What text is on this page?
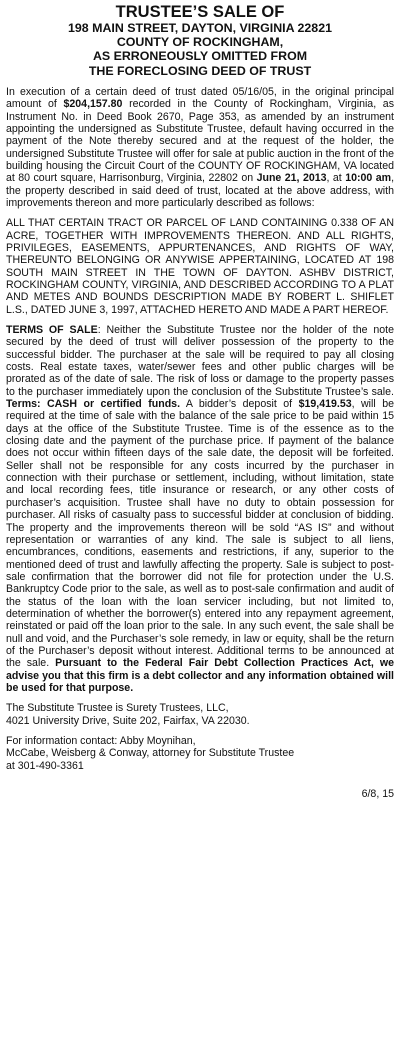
TRUSTEE’S SALE OF
198 MAIN STREET, DAYTON, VIRGINIA 22821
COUNTY OF ROCKINGHAM,
AS ERRONEOUSLY OMITTED FROM
THE FORECLOSING DEED OF TRUST

In execution of a certain deed of trust dated 05/16/05, in the original principal amount of $204,157.80 recorded in the County of Rockingham, Virginia, as Instrument No. in Deed Book 2670, Page 353, as amended by an instrument appointing the undersigned as Substitute Trustee, default having occurred in the payment of the Note thereby secured and at the request of the holder, the undersigned Substitute Trustee will offer for sale at public auction in the front of the building housing the Circuit Court of the COUNTY OF ROCKINGHAM, VA located at 80 court square, Harrisonburg, Virginia, 22802 on June 21, 2013, at 10:00 am, the property described in said deed of trust, located at the above address, with improvements thereon and more particularly described as follows:

ALL THAT CERTAIN TRACT OR PARCEL OF LAND CONTAINING 0.338 OF AN ACRE, TOGETHER WITH IMPROVEMENTS THEREON. AND ALL RIGHTS, PRIVILEGES, EASEMENTS, APPURTENANCES, AND RIGHTS OF WAY, THEREUNTO BELONGING OR ANYWISE APPERTAINING, LOCATED AT 198 SOUTH MAIN STREET IN THE TOWN OF DAYTON. ASHBV DISTRICT, ROCKINGHAM COUNTY, VIRGINIA, AND DESCRIBED ACCORDING TO A PLAT AND METES AND BOUNDS DESCRIPTION MADE BY ROBERT L. SHIFLET L.S., DATED JUNE 3, 1997, ATTACHED HERETO AND MADE A PART HEREOF.

TERMS OF SALE: Neither the Substitute Trustee nor the holder of the note secured by the deed of trust will deliver possession of the property to the successful bidder. The purchaser at the sale will be required to pay all closing costs. Real estate taxes, water/sewer fees and other public charges will be prorated as of the date of sale. The risk of loss or damage to the property passes to the purchaser immediately upon the conclusion of the Substitute Trustee’s sale. Terms: CASH or certified funds. A bidder’s deposit of $19,419.53, will be required at the time of sale with the balance of the sale price to be paid within 15 days at the office of the Substitute Trustee. Time is of the essence as to the closing date and the payment of the purchase price. If payment of the balance does not occur within fifteen days of the sale date, the deposit will be forfeited. Seller shall not be responsible for any costs incurred by the purchaser in connection with their purchase or settlement, including, without limitation, state and local recording fees, title insurance or research, or any other costs of purchaser’s acquisition. Trustee shall have no duty to obtain possession for purchaser. All risks of casualty pass to successful bidder at conclusion of bidding. The property and the improvements thereon will be sold “AS IS” and without representation or warranties of any kind. The sale is subject to all liens, encumbrances, conditions, easements and restrictions, if any, superior to the mentioned deed of trust and lawfully affecting the property. Sale is subject to post-sale confirmation that the borrower did not file for protection under the U.S. Bankruptcy Code prior to the sale, as well as to post-sale confirmation and audit of the status of the loan with the loan servicer including, but not limited to, determination of whether the borrower(s) entered into any repayment agreement, reinstated or paid off the loan prior to the sale. In any such event, the sale shall be null and void, and the Purchaser’s sole remedy, in law or equity, shall be the return of the Purchaser’s deposit without interest. Additional terms to be announced at the sale. Pursuant to the Federal Fair Debt Collection Practices Act, we advise you that this firm is a debt collector and any information obtained will be used for that purpose.

The Substitute Trustee is Surety Trustees, LLC,
4021 University Drive, Suite 202, Fairfax, VA 22030.
For information contact: Abby Moynihan,
McCabe, Weisberg & Conway, attorney for Substitute Trustee
at 301-490-3361
6/8, 15
